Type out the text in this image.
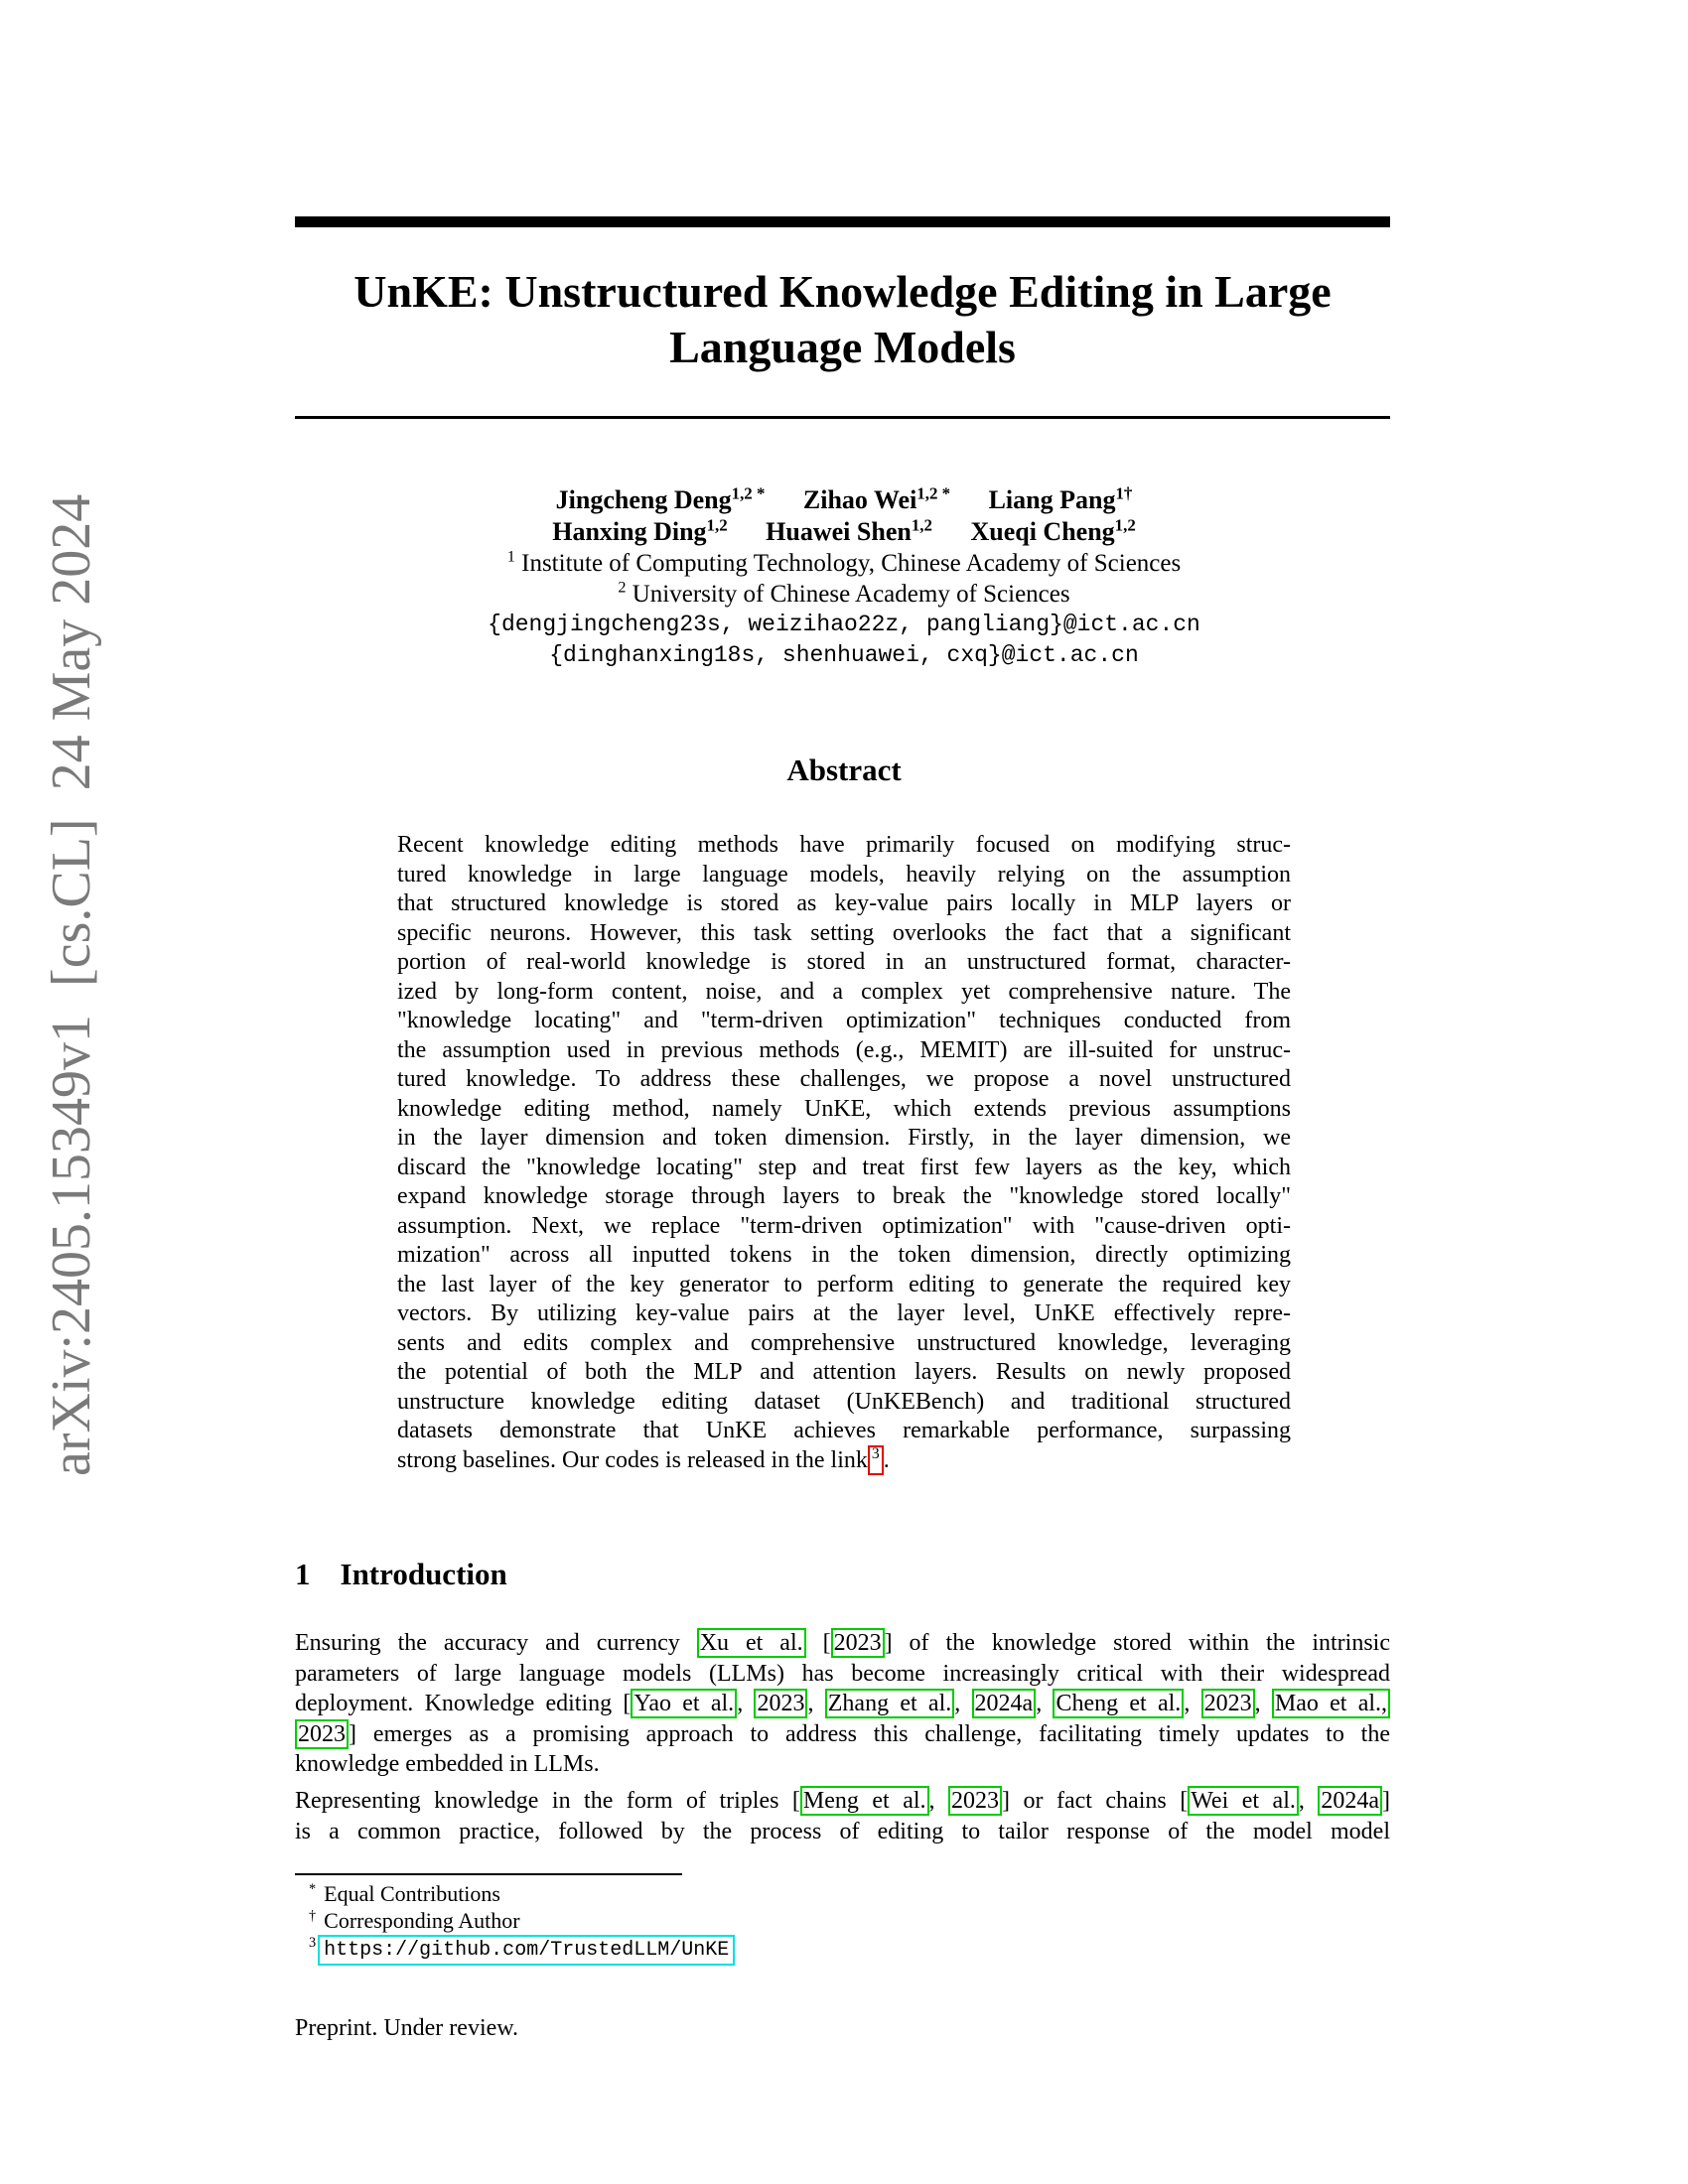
arXiv:2405.15349v1  [cs.CL]  24 May 2024
UnKE: Unstructured Knowledge Editing in Large
Language Models
Jingcheng Deng$^{1,2 *}$ Zihao Wei$^{1,2 *}$ Liang Pang$^{1\dagger}$
Hanxing Ding$^{1,2}$ Huawei Shen$^{1,2}$ Xueqi Cheng$^{1,2}$
$^1$ Institute of Computing Technology, Chinese Academy of Sciences
$^2$ University of Chinese Academy of Sciences
{dengjingcheng23s, weizihao22z, pangliang}@ict.ac.cn
{dinghanxing18s, shenhuawei, cxq}@ict.ac.cn
Abstract
Recent knowledge editing methods have primarily focused on modifying struc-
tured knowledge in large language models, heavily relying on the assumption
that structured knowledge is stored as key-value pairs locally in MLP layers or
specific neurons. However, this task setting overlooks the fact that a significant
portion of real-world knowledge is stored in an unstructured format, character-
ized by long-form content, noise, and a complex yet comprehensive nature. The
"knowledge locating" and "term-driven optimization" techniques conducted from
the assumption used in previous methods (e.g., MEMIT) are ill-suited for unstruc-
tured knowledge. To address these challenges, we propose a novel unstructured
knowledge editing method, namely UnKE, which extends previous assumptions
in the layer dimension and token dimension. Firstly, in the layer dimension, we
discard the "knowledge locating" step and treat first few layers as the key, which
expand knowledge storage through layers to break the "knowledge stored locally"
assumption. Next, we replace "term-driven optimization" with "cause-driven opti-
mization" across all inputted tokens in the token dimension, directly optimizing
the last layer of the key generator to perform editing to generate the required key
vectors. By utilizing key-value pairs at the layer level, UnKE effectively repre-
sents and edits complex and comprehensive unstructured knowledge, leveraging
the potential of both the MLP and attention layers. Results on newly proposed
unstructure knowledge editing dataset (UnKEBench) and traditional structured
datasets demonstrate that UnKE achieves remarkable performance, surpassing
strong baselines. Our codes is released in the link $^3$ .
1 Introduction
Ensuring the accuracy and currency Xu et al. [ 2023 ] of the knowledge stored within the intrinsic
parameters of large language models (LLMs) has become increasingly critical with their widespread
deployment. Knowledge editing [ Yao et al. , 2023 , Zhang et al. , 2024a , Cheng et al. , 2023 , Mao et al.,
2023 ] emerges as a promising approach to address this challenge, facilitating timely updates to the
knowledge embedded in LLMs.
Representing knowledge in the form of triples [ Meng et al. , 2023 ] or fact chains [ Wei et al. , 2024a ]
is a common practice, followed by the process of editing to tailor response of the model model
* Equal Contributions
† Corresponding Author
$^3$ https://github.com/TrustedLLM/UnKE
Preprint. Under review.
